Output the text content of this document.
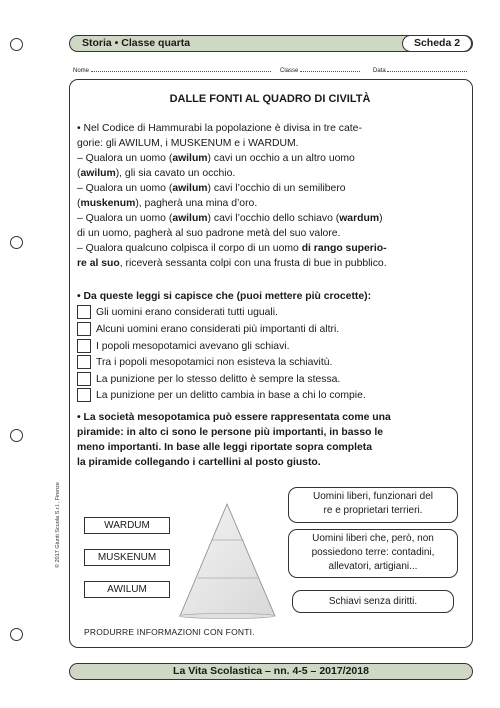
Storia • Classe quarta	Scheda 2
Nome	Classe	Data
DALLE FONTI AL QUADRO DI CIVILTÀ
• Nel Codice di Hammurabi la popolazione è divisa in tre cate-
gorie: gli AWILUM, i MUSKENUM e i WARDUM.
– Qualora un uomo (awilum) cavi un occhio a un altro uomo
(awilum), gli sia cavato un occhio.
– Qualora un uomo (awilum) cavi l’occhio di un semilibero
(muskenum), pagherà una mina d’oro.
– Qualora un uomo (awilum) cavi l’occhio dello schiavo (wardum)
di un uomo, pagherà al suo padrone metà del suo valore.
– Qualora qualcuno colpisca il corpo di un uomo di rango superio-
re al suo, riceverà sessanta colpi con una frusta di bue in pubblico.
• Da queste leggi si capisce che (puoi mettere più crocette):
Gli uomini erano considerati tutti uguali.
Alcuni uomini erano considerati più importanti di altri.
I popoli mesopotamici avevano gli schiavi.
Tra i popoli mesopotamici non esisteva la schiavitù.
La punizione per lo stesso delitto è sempre la stessa.
La punizione per un delitto cambia in base a chi lo compie.
• La società mesopotamica può essere rappresentata come una
piramide: in alto ci sono le persone più importanti, in basso le
meno importanti. In base alle leggi riportate sopra completa
la piramide collegando i cartellini al posto giusto.
WARDUM
MUSKENUM
AWILUM
Uomini liberi, funzionari del
re e proprietari terrieri.
Uomini liberi che, però, non
possiedono terre: contadini,
allevatori, artigiani...
Schiavi senza diritti.
PRODURRE INFORMAZIONI CON FONTI.
© 2017 Giunti Scuola S.r.l., Firenze
La Vita Scolastica – nn. 4-5 – 2017/2018
